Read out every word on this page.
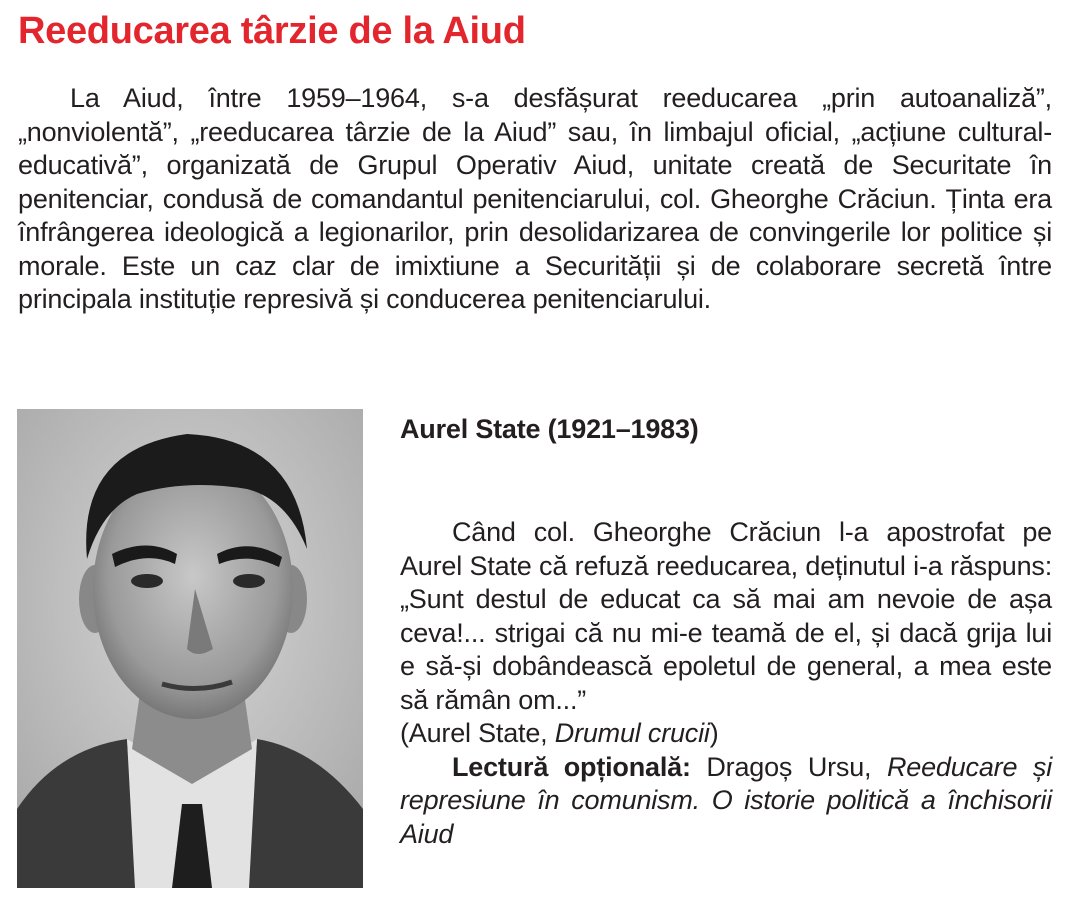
Reeducarea târzie de la Aiud

La Aiud, între 1959–1964, s-a desfășurat reeducarea „prin autoanaliză”, „nonviolentă”, „reeducarea târzie de la Aiud” sau, în limbajul oficial, „acțiune cultural-educativă”, organizată de Grupul Operativ Aiud, unitate creată de Securitate în penitenciar, condusă de comandantul penitenciarului, col. Gheorghe Crăciun. Ținta era înfrângerea ideologică a legionarilor, prin desolidarizarea de convingerile lor politice și morale. Este un caz clar de imixtiune a Securității și de colaborare secretă între principala instituție represivă și conducerea penitenciarului.

Aurel State (1921–1983)
Când col. Gheorghe Crăciun l-a apostrofat pe Aurel State că refuză reeducarea, deținutul i-a răspuns: „Sunt destul de educat ca să mai am nevoie de așa ceva!... strigai că nu mi-e teamă de el, și dacă grija lui e să-și dobândească epoletul de general, a mea este să rămân om...”
(Aurel State, Drumul crucii)
Lectură opțională: Dragoș Ursu, Reeducare și represiune în comunism. O istorie politică a închisorii Aiud
